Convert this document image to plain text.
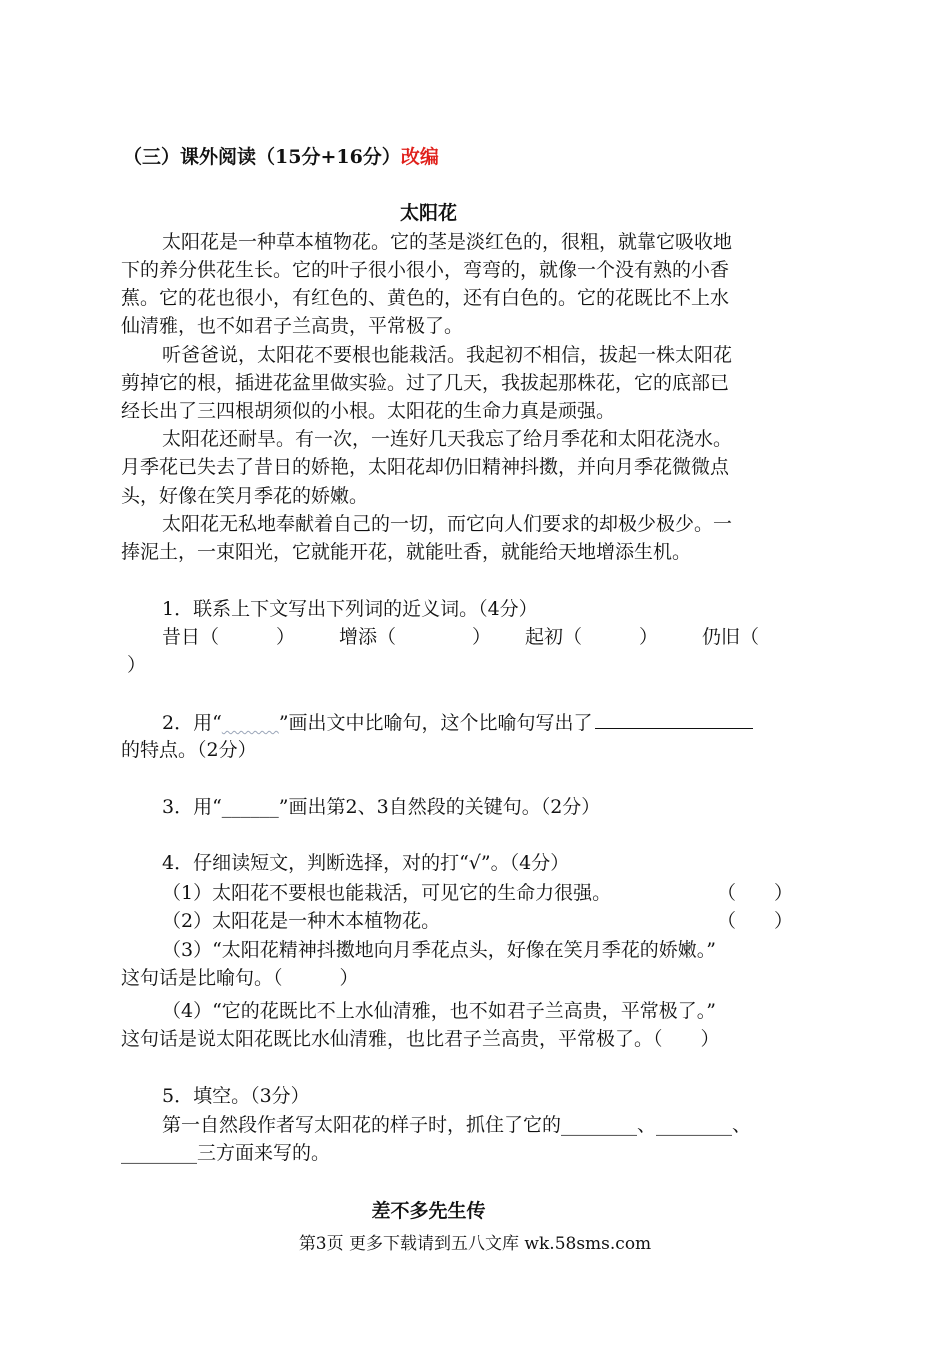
（三）课外阅读（15分+16分）改编
太阳花
太阳花是一种草本植物花。它的茎是淡红色的，很粗，就靠它吸收地
下的养分供花生长。它的叶子很小很小，弯弯的，就像一个没有熟的小香
蕉。它的花也很小，有红色的、黄色的，还有白色的。它的花既比不上水
仙清雅，也不如君子兰高贵，平常极了。
听爸爸说，太阳花不要根也能栽活。我起初不相信，拔起一株太阳花
剪掉它的根，插进花盆里做实验。过了几天，我拔起那株花，它的底部已
经长出了三四根胡须似的小根。太阳花的生命力真是顽强。
太阳花还耐旱。有一次，一连好几天我忘了给月季花和太阳花浇水。
月季花已失去了昔日的娇艳，太阳花却仍旧精神抖擞，并向月季花微微点
头，好像在笑月季花的娇嫩。
太阳花无私地奉献着自己的一切，而它向人们要求的却极少极少。一
捧泥土，一束阳光，它就能开花，就能吐香，就能给天地增添生机。
1．联系上下文写出下列词的近义词。（4分）
昔日（　　　） 增添（　　　　） 起初（　　　） 仍旧（
）
2．用“　　　	”画出文中比喻句，这个比喻句写出了
的特点。（2分）
3．用“______”画出第2、3自然段的关键句。（2分）
4．仔细读短文，判断选择，对的打“√”。（4分）
（1）太阳花不要根也能栽活，可见它的生命力很强。	（　　）
（2）太阳花是一种木本植物花。	（　　）
（3）“太阳花精神抖擞地向月季花点头，好像在笑月季花的娇嫩。”
这句话是比喻句。（　　　）
（4）“它的花既比不上水仙清雅，也不如君子兰高贵，平常极了。”
这句话是说太阳花既比水仙清雅，也比君子兰高贵，平常极了。（　　）
5．填空。（3分）
第一自然段作者写太阳花的样子时，抓住了它的________、________、
________三方面来写的。
差不多先生传
第3页 更多下载请到五八文库 wk.58sms.com
